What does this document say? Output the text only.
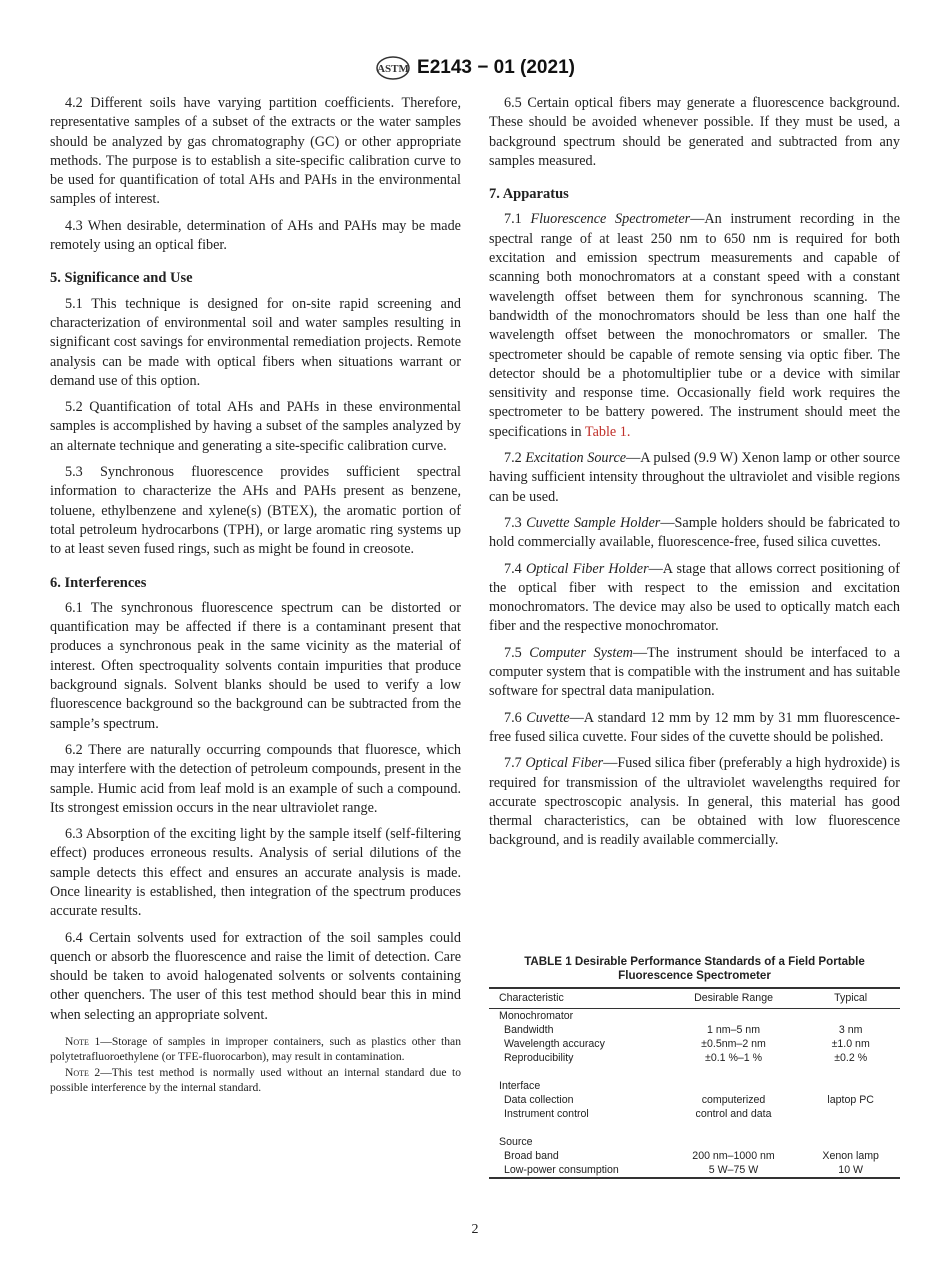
ASTM E2143 − 01 (2021)
4.2 Different soils have varying partition coefficients. Therefore, representative samples of a subset of the extracts or the water samples should be analyzed by gas chromatography (GC) or other appropriate methods. The purpose is to establish a site-specific calibration curve to be used for quantification of total AHs and PAHs in the environmental samples of interest.
4.3 When desirable, determination of AHs and PAHs may be made remotely using an optical fiber.
5. Significance and Use
5.1 This technique is designed for on-site rapid screening and characterization of environmental soil and water samples resulting in significant cost savings for environmental remediation projects. Remote analysis can be made with optical fibers when situations warrant or demand use of this option.
5.2 Quantification of total AHs and PAHs in these environmental samples is accomplished by having a subset of the samples analyzed by an alternate technique and generating a site-specific calibration curve.
5.3 Synchronous fluorescence provides sufficient spectral information to characterize the AHs and PAHs present as benzene, toluene, ethylbenzene and xylene(s) (BTEX), the aromatic portion of total petroleum hydrocarbons (TPH), or large aromatic ring systems up to at least seven fused rings, such as might be found in creosote.
6. Interferences
6.1 The synchronous fluorescence spectrum can be distorted or quantification may be affected if there is a contaminant present that produces a synchronous peak in the same vicinity as the material of interest. Often spectroquality solvents contain impurities that produce background signals. Solvent blanks should be used to verify a low fluorescence background so the background can be subtracted from the sample’s spectrum.
6.2 There are naturally occurring compounds that fluoresce, which may interfere with the detection of petroleum compounds, present in the sample. Humic acid from leaf mold is an example of such a compound. Its strongest emission occurs in the near ultraviolet range.
6.3 Absorption of the exciting light by the sample itself (self-filtering effect) produces erroneous results. Analysis of serial dilutions of the sample detects this effect and ensures an accurate analysis is made. Once linearity is established, then integration of the spectrum produces accurate results.
6.4 Certain solvents used for extraction of the soil samples could quench or absorb the fluorescence and raise the limit of detection. Care should be taken to avoid halogenated solvents or solvents containing other quenchers. The user of this test method should bear this in mind when selecting an appropriate solvent.
Note 1—Storage of samples in improper containers, such as plastics other than polytetrafluoroethylene (or TFE-fluorocarbon), may result in contamination.
Note 2—This test method is normally used without an internal standard due to possible interference by the internal standard.
6.5 Certain optical fibers may generate a fluorescence background. These should be avoided whenever possible. If they must be used, a background spectrum should be generated and subtracted from any samples measured.
7. Apparatus
7.1 Fluorescence Spectrometer—An instrument recording in the spectral range of at least 250 nm to 650 nm is required for both excitation and emission spectrum measurements and capable of scanning both monochromators at a constant speed with a constant wavelength offset between them for synchronous scanning. The bandwidth of the monochromators should be less than one half the wavelength offset between the monochromators or smaller. The spectrometer should be capable of remote sensing via optic fiber. The detector should be a photomultiplier tube or a device with similar sensitivity and response time. Occasionally field work requires the spectrometer to be battery powered. The instrument should meet the specifications in Table 1.
7.2 Excitation Source—A pulsed (9.9 W) Xenon lamp or other source having sufficient intensity throughout the ultraviolet and visible regions can be used.
7.3 Cuvette Sample Holder—Sample holders should be fabricated to hold commercially available, fluorescence-free, fused silica cuvettes.
7.4 Optical Fiber Holder—A stage that allows correct positioning of the optical fiber with respect to the emission and excitation monochromators. The device may also be used to optically match each fiber and the respective monochromator.
7.5 Computer System—The instrument should be interfaced to a computer system that is compatible with the instrument and has suitable software for spectral data manipulation.
7.6 Cuvette—A standard 12 mm by 12 mm by 31 mm fluorescence-free fused silica cuvette. Four sides of the cuvette should be polished.
7.7 Optical Fiber—Fused silica fiber (preferably a high hydroxide) is required for transmission of the ultraviolet wavelengths required for accurate spectroscopic analysis. In general, this material has good thermal characteristics, can be obtained with low fluorescence background, and is readily available commercially.
TABLE 1 Desirable Performance Standards of a Field Portable Fluorescence Spectrometer
Characteristic	Desirable Range	Typical
Monochromator		
Bandwidth	1 nm–5 nm	3 nm
Wavelength accuracy	±0.5nm–2 nm	±1.0 nm
Reproducibility	±0.1 %–1 %	±0.2 %

Interface		
Data collection	computerized	laptop PC
Instrument control	control and data	

Source		
Broad band	200 nm–1000 nm	Xenon lamp
Low-power consumption	5 W–75 W	10 W
2
